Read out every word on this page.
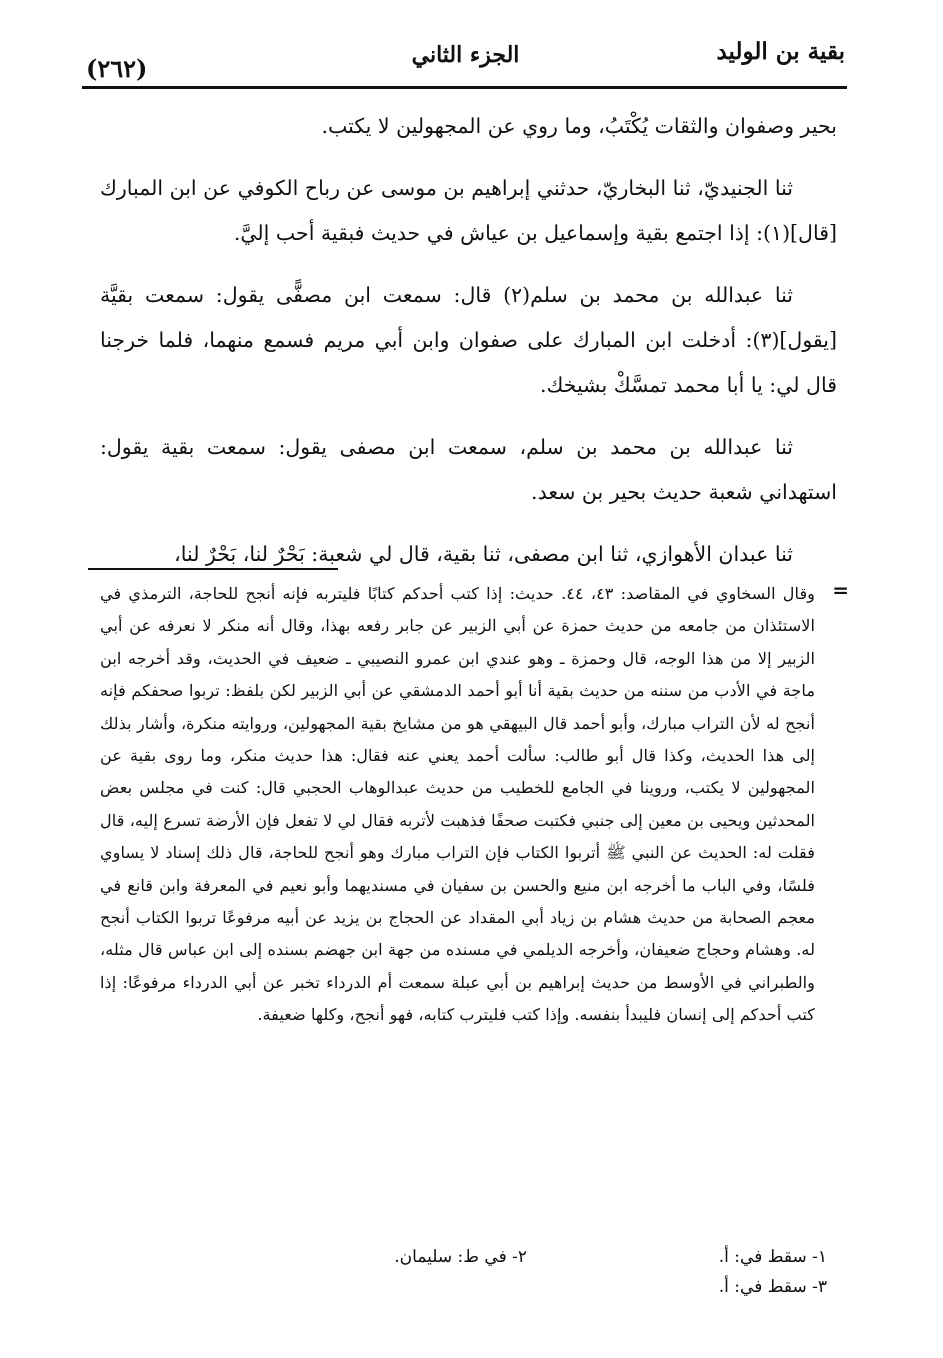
بقية بن الوليد
الجزء الثاني
(٢٦٢)

بحير وصفوان والثقات يُكْتَبُ، وما روي عن المجهولين لا يكتب.

ثنا الجنيديّ، ثنا البخاريّ، حدثني إبراهيم بن موسى عن رباح الكوفي عن ابن المبارك [قال](١): إذا اجتمع بقية وإسماعيل بن عياش في حديث فبقية أحب إليَّ.

ثنا عبدالله بن محمد بن سلم(٢) قال: سمعت ابن مصفًّى يقول: سمعت بقيَّة [يقول](٣): أدخلت ابن المبارك على صفوان وابن أبي مريم فسمع منهما، فلما خرجنا قال لي: يا أبا محمد تمسَّكْ بشيخك.

ثنا عبدالله بن محمد بن سلم، سمعت ابن مصفى يقول: سمعت بقية يقول: استهداني شعبة حديث بحير بن سعد.

ثنا عبدان الأهوازي، ثنا ابن مصفى، ثنا بقية، قال لي شعبة: بَحْرٌ لنا، بَحْرٌ لنا،

=

وقال السخاوي في المقاصد: ٤٣، ٤٤. حديث: إذا كتب أحدكم كتابًا فليتربه فإنه أنجح للحاجة، الترمذي في الاستئذان من جامعه من حديث حمزة عن أبي الزبير عن جابر رفعه بهذا، وقال أنه منكر لا نعرفه عن أبي الزبير إلا من هذا الوجه، قال وحمزة ـ وهو عندي ابن عمرو النصيبي ـ ضعيف في الحديث، وقد أخرجه ابن ماجة في الأدب من سننه من حديث بقية أنا أبو أحمد الدمشقي عن أبي الزبير لكن بلفظ: تربوا صحفكم فإنه أنجح له لأن التراب مبارك، وأبو أحمد قال البيهقي هو من مشايخ بقية المجهولين، وروايته منكرة، وأشار بذلك إلى هذا الحديث، وكذا قال أبو طالب: سألت أحمد يعني عنه فقال: هذا حديث منكر، وما روى بقية عن المجهولين لا يكتب، وروينا في الجامع للخطيب من حديث عبدالوهاب الحجبي قال: كنت في مجلس بعض المحدثين ويحيى بن معين إلى جنبي فكتبت صحفًا فذهبت لأتربه فقال لي لا تفعل فإن الأرضة تسرع إليه، قال فقلت له: الحديث عن النبي ﷺ أتربوا الكتاب فإن التراب مبارك وهو أنجح للحاجة، قال ذلك إسناد لا يساوي فلسًا، وفي الباب ما أخرجه ابن منيع والحسن بن سفيان في مسنديهما وأبو نعيم في المعرفة وابن قانع في معجم الصحابة من حديث هشام بن زياد أبي المقداد عن الحجاج بن يزيد عن أبيه مرفوعًا تربوا الكتاب أنجح له. وهشام وحجاج ضعيفان، وأخرجه الديلمي في مسنده من جهة ابن جهضم بسنده إلى ابن عباس قال مثله، والطبراني في الأوسط من حديث إبراهيم بن أبي عبلة سمعت أم الدرداء تخبر عن أبي الدرداء مرفوعًا: إذا كتب أحدكم إلى إنسان فليبدأ بنفسه. وإذا كتب فليترب كتابه، فهو أنجح، وكلها ضعيفة.

١- سقط في: أ.
٢- في ط: سليمان.
٣- سقط في: أ.
